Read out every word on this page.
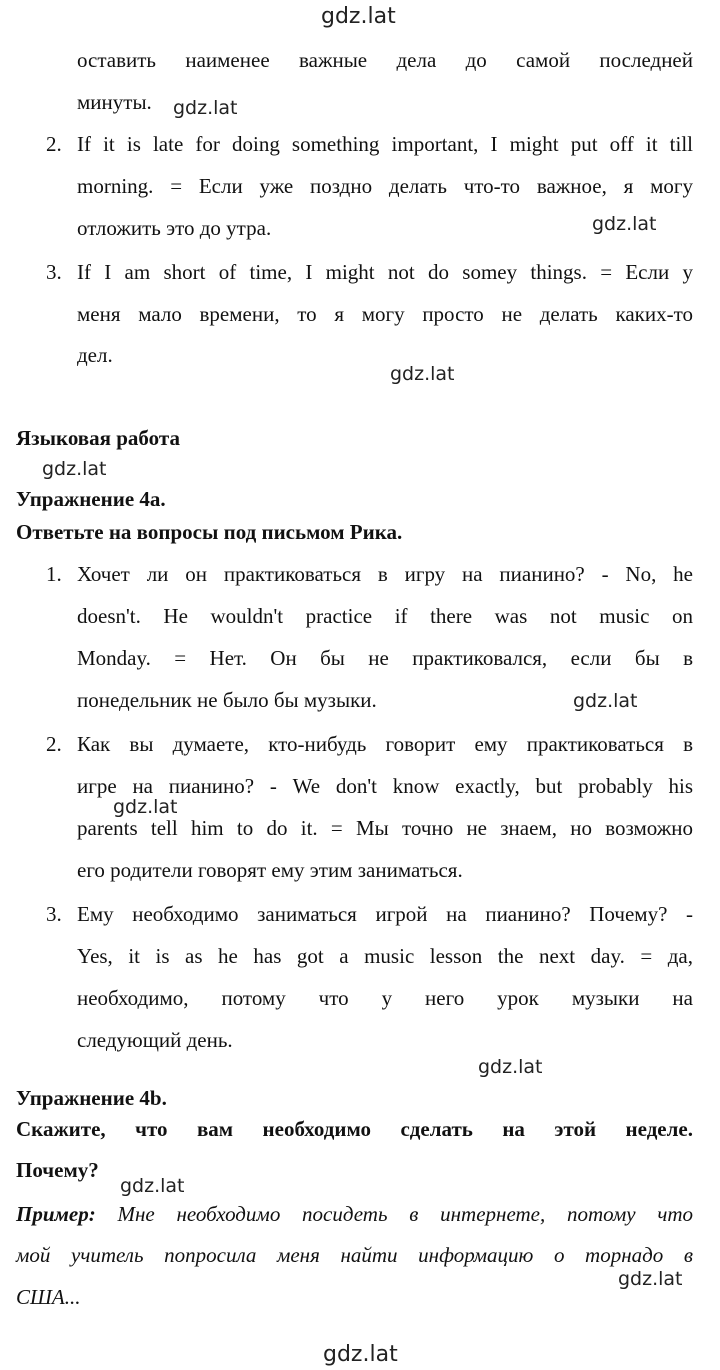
gdz.lat
gdz.lat
gdz.lat
gdz.lat
gdz.lat
gdz.lat
gdz.lat
gdz.lat
gdz.lat
gdz.lat
gdz.lat
оставить наименее важные дела до самой последней
минуты.
2. If it is late for doing something important, I might put off it till
morning. = Если уже поздно делать что-то важное, я могу
отложить это до утра.
3. If I am short of time, I might not do somey things. = Если у
меня мало времени, то я могу просто не делать каких-то
дел.
Языковая работа
Упражнение 4а.
Ответьте на вопросы под письмом Рика.
1. Хочет ли он практиковаться в игру на пианино? - No, he
doesn't. He wouldn't practice if there was not music on
Monday. = Нет. Он бы не практиковался, если бы в
понедельник не было бы музыки.
2. Как вы думаете, кто-нибудь говорит ему практиковаться в
игре на пианино? - We don't know exactly, but probably his
parents tell him to do it. = Мы точно не знаем, но возможно
его родители говорят ему этим заниматься.
3. Ему необходимо заниматься игрой на пианино? Почему? -
Yes, it is as he has got a music lesson the next day. = да,
необходимо, потому что у него урок музыки на
следующий день.
Упражнение 4b.
Скажите, что вам необходимо сделать на этой неделе.
Почему?
Пример: Мне необходимо посидеть в интернете, потому что
мой учитель попросила меня найти информацию о торнадо в
США...
